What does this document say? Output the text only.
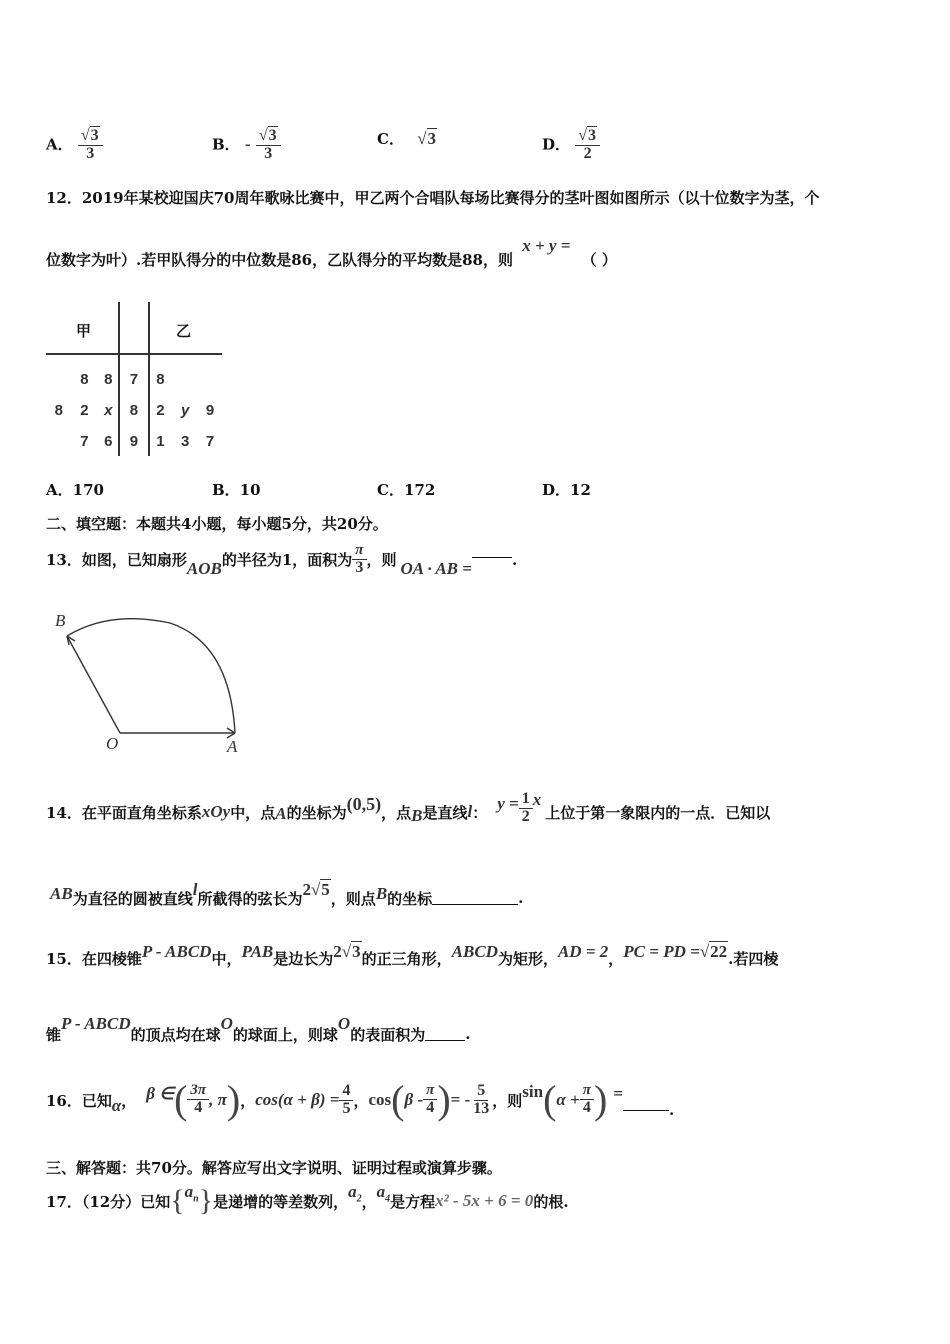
A． $\frac{√3}{3}$	B． - $\frac{√3}{3}$	C． √3	D． $\frac{√3}{2}$
12．2019年某校迎国庆70周年歌咏比赛中，甲乙两个合唱队每场比赛得分的茎叶图如图所示（以十位数字为茎，个
位数字为叶）.若甲队得分的中位数是86，乙队得分的平均数是88，则 x + y = （ ）
甲	乙
	8	8	7	8		
8	2	x	8	2	y	9
	7	6	9	1	3	7
A．170	B．10	C．172	D．12
二、填空题：本题共4小题，每小题5分，共20分。
13．如图，已知扇形 AOB 的半径为1，面积为 $\frac{\pi}{3}$ ，则 OA · AB =	.
B
O	A
14．在平面直角坐标系 xOy 中，点 A 的坐标为 (0,5) ，点 B 是直线 l ： $y = \frac{1}{2}$ x
上位于第一象限内的一点．已知以
AB 为直径的圆被直线 l 所截得的弦长为 2 √5 ，则点 B 的坐标	.
15．在四棱锥 P - ABCD 中， PAB 是边长为 2 √3 的正三角形， ABCD 为矩形， AD = 2 ， PC = PD = √22 .若四棱
锥
P - ABCD
的顶点均在球
O
的球面上，则球
O
的表面积为	.
16．已知 α ， β ∈ ( $\frac{3\pi}{4}$ , π ) ， $\cos(\alpha + \beta) = \frac{4}{5}$ ， cos ( β - $\frac{\pi}{4}$ ) = - $\frac{5}{13}$ ，则 sin ( $\alpha + \frac{\pi}{4}$ ) =
.
三、解答题：共70分。解答应写出文字说明、证明过程或演算步骤。
17．（12分）已知 { $a_n$ } 是递增的等差数列，
$a_2$ ，
$a_4$ 是方程 x² - 5x + 6 = 0 的根.
